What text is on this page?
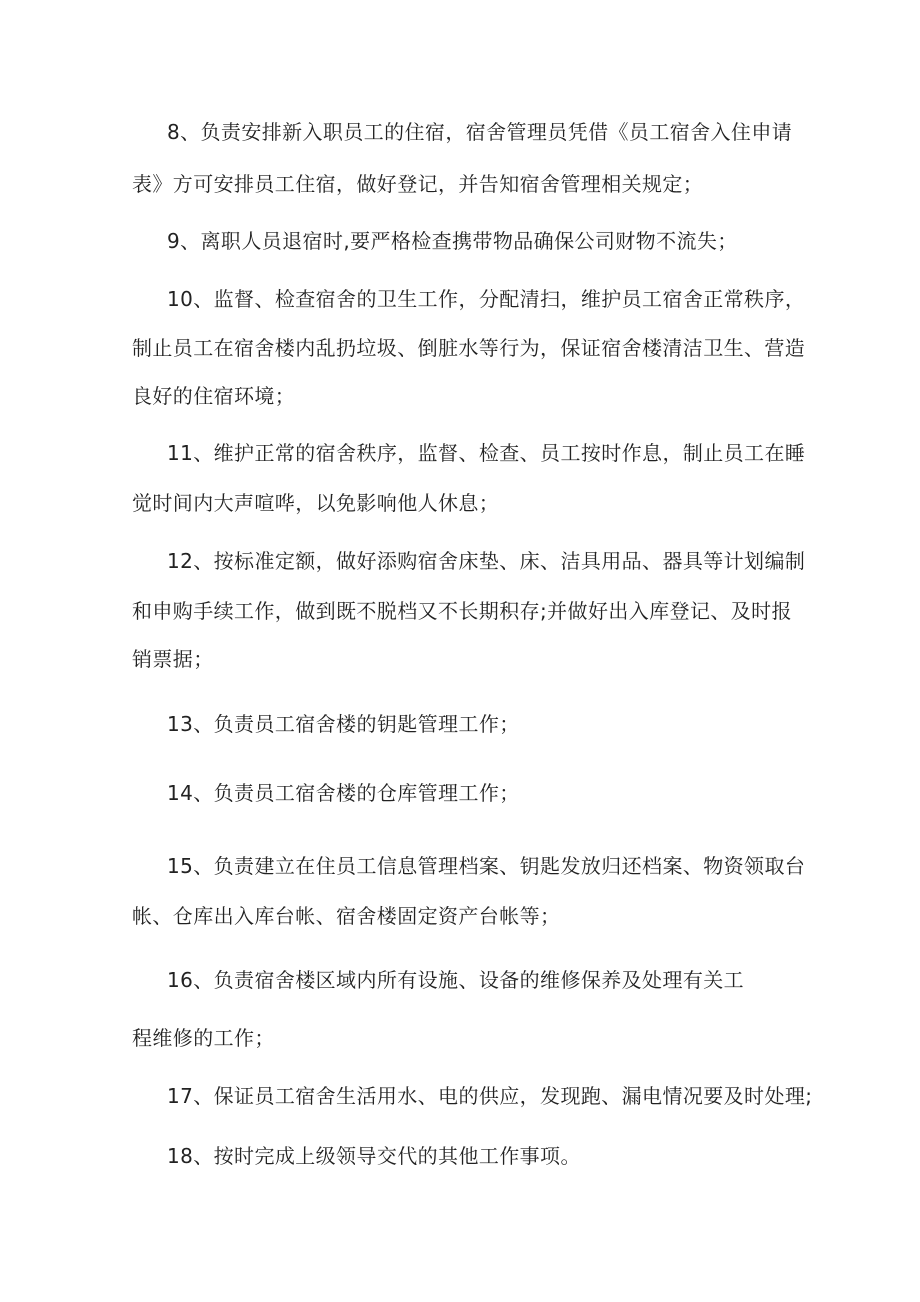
8、负责安排新入职员工的住宿，宿舍管理员凭借《员工宿舍入住申请
表》方可安排员工住宿，做好登记，并告知宿舍管理相关规定；
9、离职人员退宿时,要严格检查携带物品确保公司财物不流失；
10、监督、检查宿舍的卫生工作，分配清扫，维护员工宿舍正常秩序，
制止员工在宿舍楼内乱扔垃圾、倒脏水等行为，保证宿舍楼清洁卫生、营造
良好的住宿环境；
11、维护正常的宿舍秩序，监督、检查、员工按时作息，制止员工在睡
觉时间内大声喧哗，以免影响他人休息；
12、按标准定额，做好添购宿舍床垫、床、洁具用品、器具等计划编制
和申购手续工作，做到既不脱档又不长期积存;并做好出入库登记、及时报
销票据；
13、负责员工宿舍楼的钥匙管理工作；
14、负责员工宿舍楼的仓库管理工作；
15、负责建立在住员工信息管理档案、钥匙发放归还档案、物资领取台
帐、仓库出入库台帐、宿舍楼固定资产台帐等；
16、负责宿舍楼区域内所有设施、设备的维修保养及处理有关工
程维修的工作；
17、保证员工宿舍生活用水、电的供应，发现跑、漏电情况要及时处理;
18、按时完成上级领导交代的其他工作事项。
